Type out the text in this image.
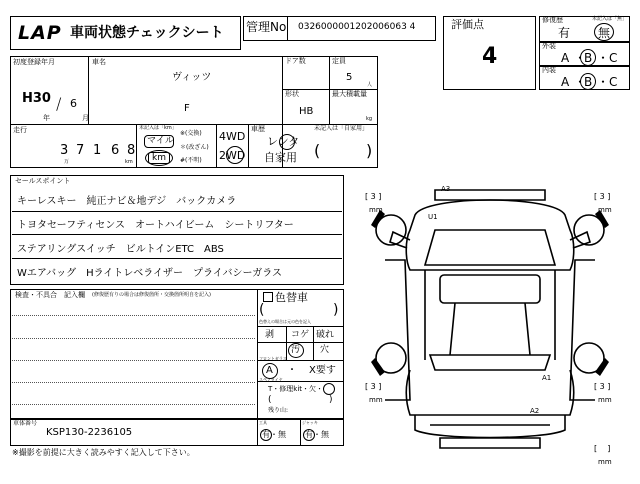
LAP 車両状態チェックシート 管理No 0326000001202006063 4	評価点
4
修復歴	未記入は「無」
有 無
外装
A ・
B ・ C
内装
A ・
B ・ C
初度登録年月
H30 / 6
年	月
車名
ヴィッツ
F
ドア数	定員
5
人
形状
HB
最大積載量
kg
走行
3 7 1 6 8
万	km
未記入は「km」
マイル
km
※(交換)
＊(改ざん)
#(不明)
4WD
2WD
車歴	未記入は「自家用」
レンタ
自家用 (	)
セールスポイント
キーレスキー　純正ナビ＆地デジ　バックカメラ
トヨタセーフティセンス　オートハイビーム　シートリフター
ステアリングスイッチ　ビルトインETC　ABS
Wエアバッグ　Hライトレベライザー　プライバシーガラス
検査・不具合　記入欄 (修復歴有りの場合は修復箇所・交換箇所明自を記入)	色替車
色替えの場合は元の色を記入
(	)
剥 コゲ 破れ
汚 穴
フロントガラス
A ・ X要す
スペアタイヤ
T・修理kit・欠・
(	)
残り山:
車体番号
KSP130-2236105
工具
有・無
ジャッキ
有・無
※撮影を前提に大きく読みやすく記入して下さい。
A3
U1
A1
A2
[ 3 ]
mm
[ 3 ]
mm
[ 3 ]
mm
[ 3 ]
mm
[    ]
mm
